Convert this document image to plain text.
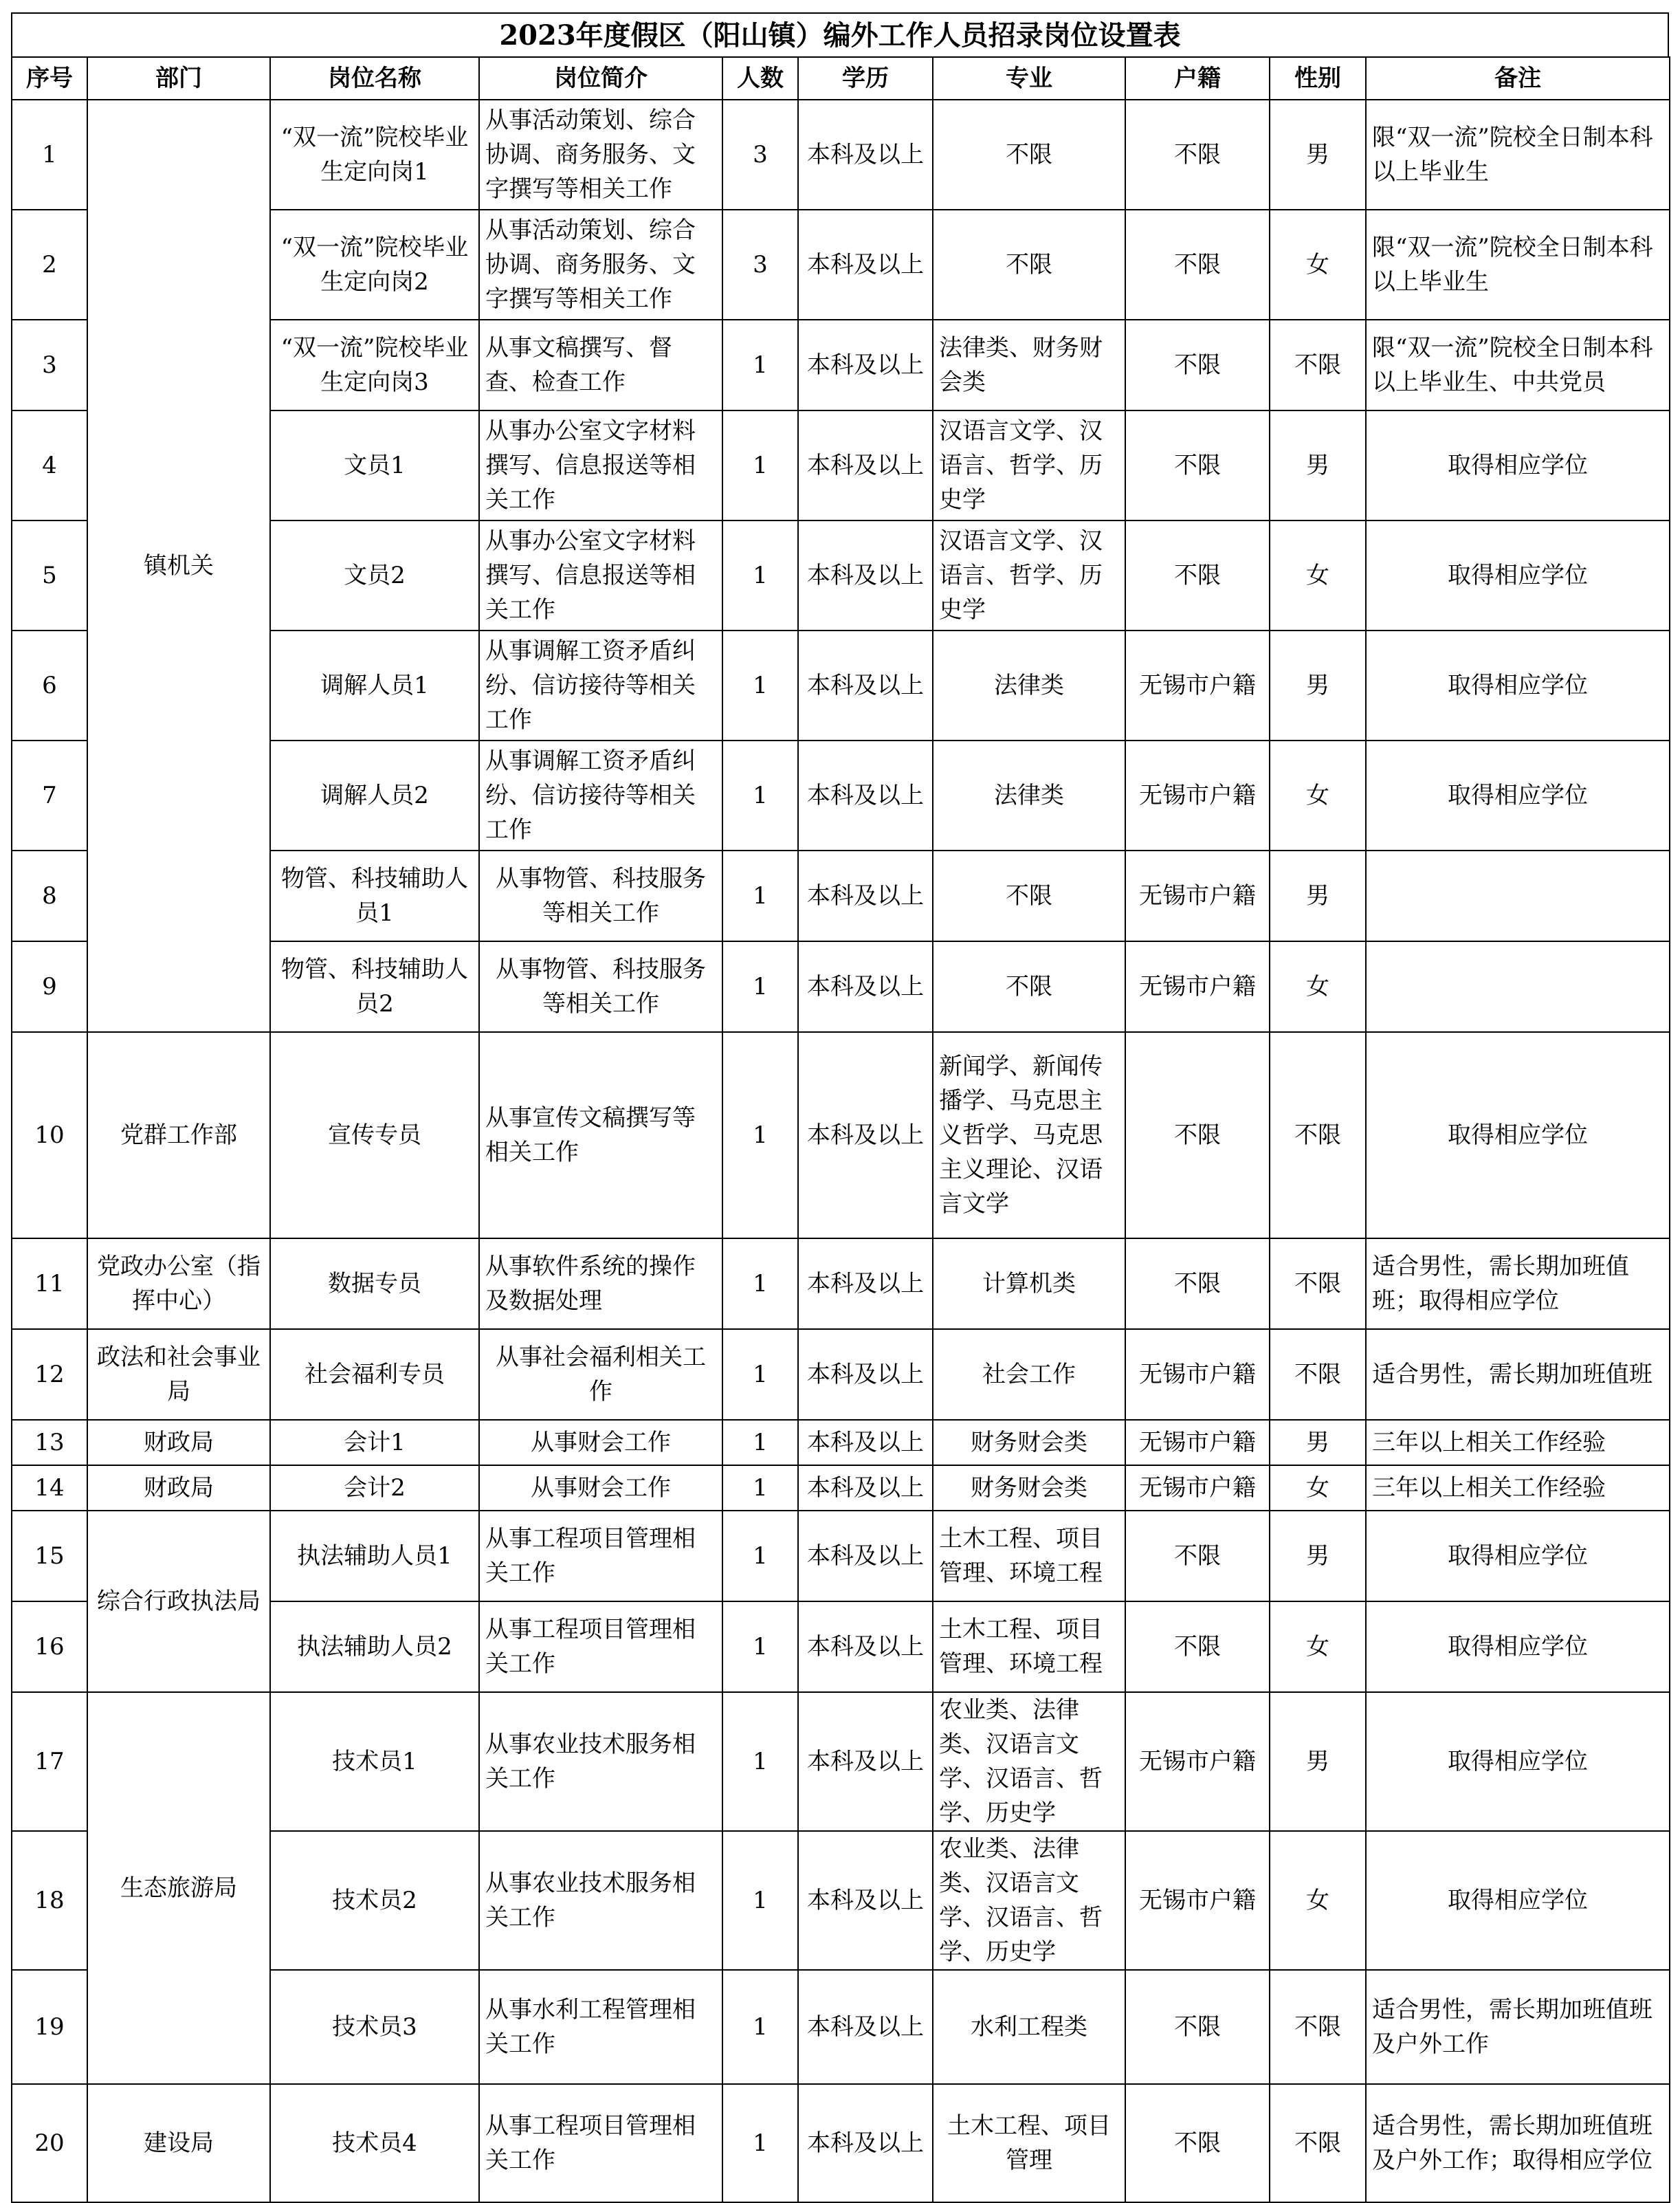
2023年度假区（阳山镇）编外工作人员招录岗位设置表
序号	部门	岗位名称	岗位简介	人数	学历	专业	户籍	性别	备注
1	镇机关	“双一流”院校毕业生定向岗1	从事活动策划、综合协调、商务服务、文字撰写等相关工作	3	本科及以上	不限	不限	男	限“双一流”院校全日制本科以上毕业生
2		“双一流”院校毕业生定向岗2	从事活动策划、综合协调、商务服务、文字撰写等相关工作	3	本科及以上	不限	不限	女	限“双一流”院校全日制本科以上毕业生
3		“双一流”院校毕业生定向岗3	从事文稿撰写、督查、检查工作	1	本科及以上	法律类、财务财会类	不限	不限	限“双一流”院校全日制本科以上毕业生、中共党员
4		文员1	从事办公室文字材料撰写、信息报送等相关工作	1	本科及以上	汉语言文学、汉语言、哲学、历史学	不限	男	取得相应学位
5		文员2	从事办公室文字材料撰写、信息报送等相关工作	1	本科及以上	汉语言文学、汉语言、哲学、历史学	不限	女	取得相应学位
6		调解人员1	从事调解工资矛盾纠纷、信访接待等相关工作	1	本科及以上	法律类	无锡市户籍	男	取得相应学位
7		调解人员2	从事调解工资矛盾纠纷、信访接待等相关工作	1	本科及以上	法律类	无锡市户籍	女	取得相应学位
8		物管、科技辅助人员1	从事物管、科技服务等相关工作	1	本科及以上	不限	无锡市户籍	男	
9		物管、科技辅助人员2	从事物管、科技服务等相关工作	1	本科及以上	不限	无锡市户籍	女	
10	党群工作部	宣传专员	从事宣传文稿撰写等相关工作	1	本科及以上	新闻学、新闻传播学、马克思主义哲学、马克思主义理论、汉语言文学	不限	不限	取得相应学位
11	党政办公室（指挥中心）	数据专员	从事软件系统的操作及数据处理	1	本科及以上	计算机类	不限	不限	适合男性，需长期加班值班；取得相应学位
12	政法和社会事业局	社会福利专员	从事社会福利相关工作	1	本科及以上	社会工作	无锡市户籍	不限	适合男性，需长期加班值班
13	财政局	会计1	从事财会工作	1	本科及以上	财务财会类	无锡市户籍	男	三年以上相关工作经验
14	财政局	会计2	从事财会工作	1	本科及以上	财务财会类	无锡市户籍	女	三年以上相关工作经验
15	综合行政执法局	执法辅助人员1	从事工程项目管理相关工作	1	本科及以上	土木工程、项目管理、环境工程	不限	男	取得相应学位
16		执法辅助人员2	从事工程项目管理相关工作	1	本科及以上	土木工程、项目管理、环境工程	不限	女	取得相应学位
17	生态旅游局	技术员1	从事农业技术服务相关工作	1	本科及以上	农业类、法律类、汉语言文学、汉语言、哲学、历史学	无锡市户籍	男	取得相应学位
18		技术员2	从事农业技术服务相关工作	1	本科及以上	农业类、法律类、汉语言文学、汉语言、哲学、历史学	无锡市户籍	女	取得相应学位
19		技术员3	从事水利工程管理相关工作	1	本科及以上	水利工程类	不限	不限	适合男性，需长期加班值班及户外工作
20	建设局	技术员4	从事工程项目管理相关工作	1	本科及以上	土木工程、项目管理	不限	不限	适合男性，需长期加班值班及户外工作；取得相应学位
